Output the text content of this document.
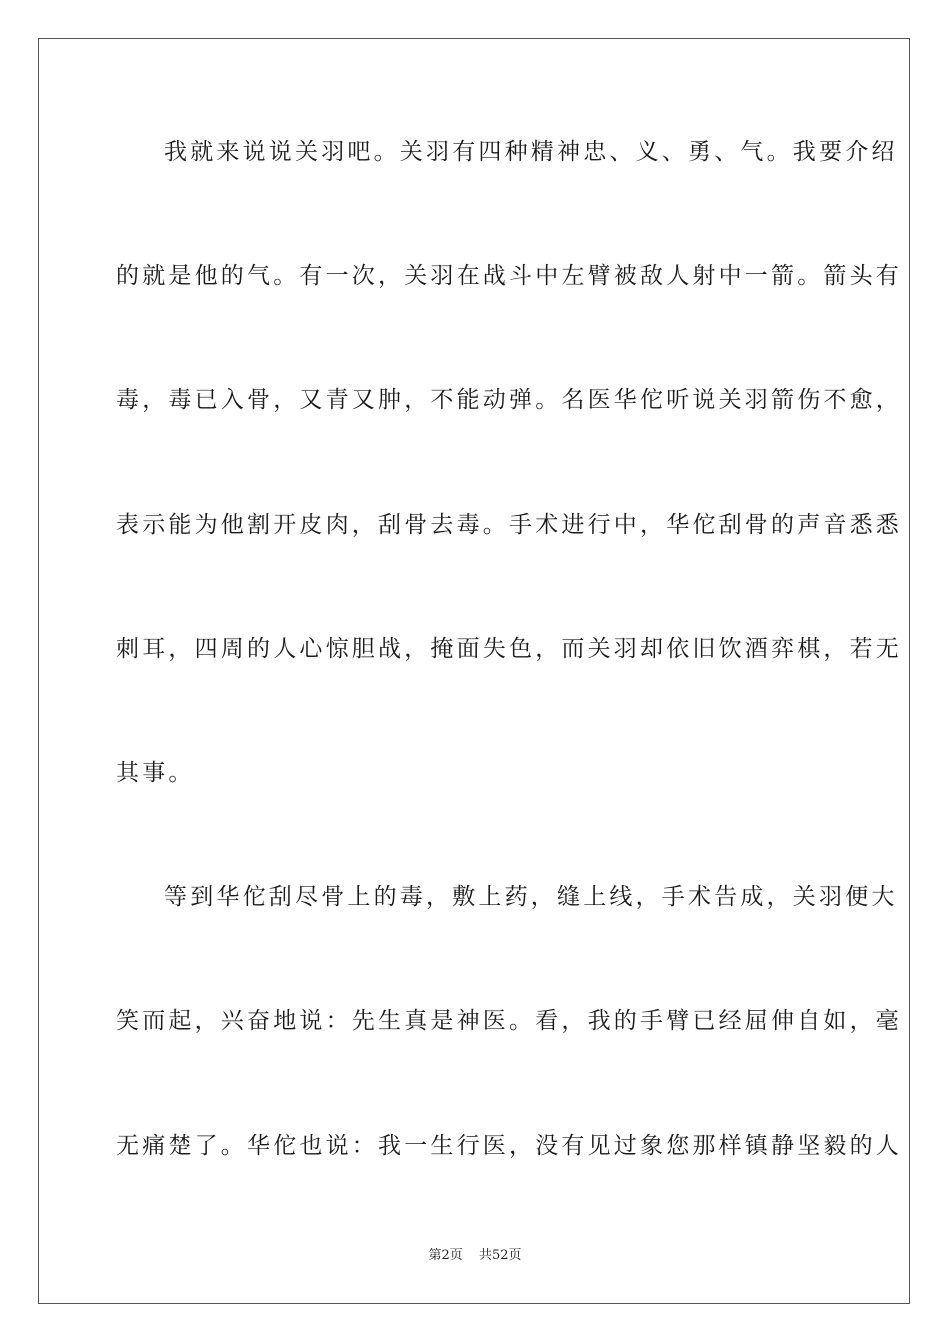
我就来说说关羽吧。关羽有四种精神忠、义、勇、气。我要介绍
的就是他的气。有一次，关羽在战斗中左臂被敌人射中一箭。箭头有
毒，毒已入骨，又青又肿，不能动弹。名医华佗听说关羽箭伤不愈，
表示能为他割开皮肉，刮骨去毒。手术进行中，华佗刮骨的声音悉悉
刺耳，四周的人心惊胆战，掩面失色，而关羽却依旧饮酒弈棋，若无
其事。
等到华佗刮尽骨上的毒，敷上药，缝上线，手术告成，关羽便大
笑而起，兴奋地说：先生真是神医。看，我的手臂已经屈伸自如，毫
无痛楚了。华佗也说：我一生行医，没有见过象您那样镇静坚毅的人
第2页 共52页
